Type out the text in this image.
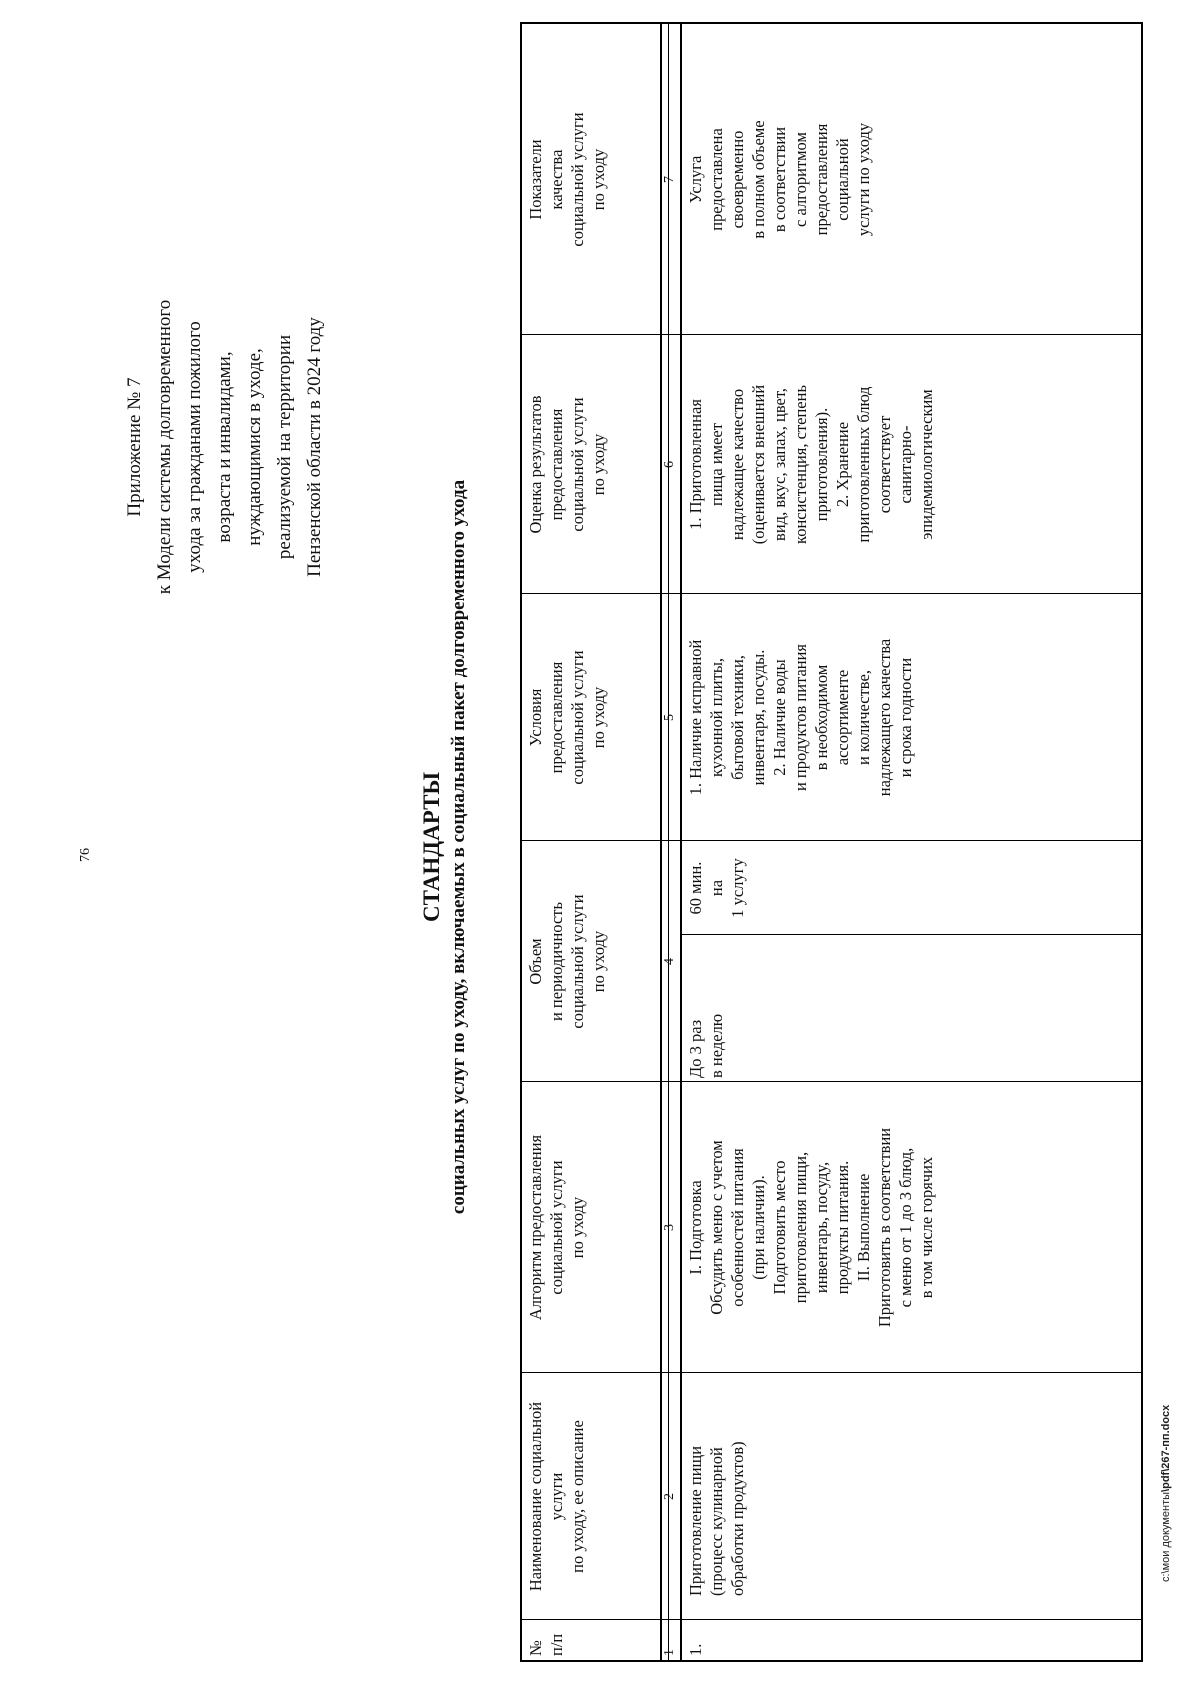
76
Приложение № 7 к Модели системы долговременного ухода за гражданами пожилого возраста и инвалидами, нуждающимися в уходе, реализуемой на территории Пензенской области в 2024 году
СТАНДАРТЫ социальных услуг по уходу, включаемых в социальный пакет долговременного ухода
№
п/п
Наименование социальной
услуги
по уходу, ее описание
Алгоритм предоставления
социальной услуги
по уходу
Объем
и периодичность
социальной услуги
по уходу
Условия
предоставления
социальной услуги
по уходу
Оценка результатов
предоставления
социальной услуги
по уходу
Показатели
качества
социальной услуги
по уходу
1
2
3
4
5
6
7
1.
Приготовление пищи
(процесс кулинарной
обработки продуктов)
I. Подготовка
Обсудить меню с учетом
особенностей питания
(при наличии).
Подготовить место
приготовления пищи,
инвентарь, посуду,
продукты питания.
II. Выполнение
Приготовить в соответствии
с меню от 1 до 3 блюд,
в том числе горячих
До 3 раз
в неделю
60 мин.
на
1 услугу
1. Наличие исправной
кухонной плиты,
бытовой техники,
инвентаря, посуды.
2. Наличие воды
и продуктов питания
в необходимом
ассортименте
и количестве,
надлежащего качества
и срока годности
1. Приготовленная
пища имеет
надлежащее качество
(оценивается внешний
вид, вкус, запах, цвет,
консистенция, степень
приготовления).
2. Хранение
приготовленных блюд
соответствует
санитарно-
эпидемиологическим
Услуга
предоставлена
своевременно
в полном объеме
в соответствии
с алгоритмом
предоставления
социальной
услуги по уходу
c:\мои документы\pdf\267-пп.docx
